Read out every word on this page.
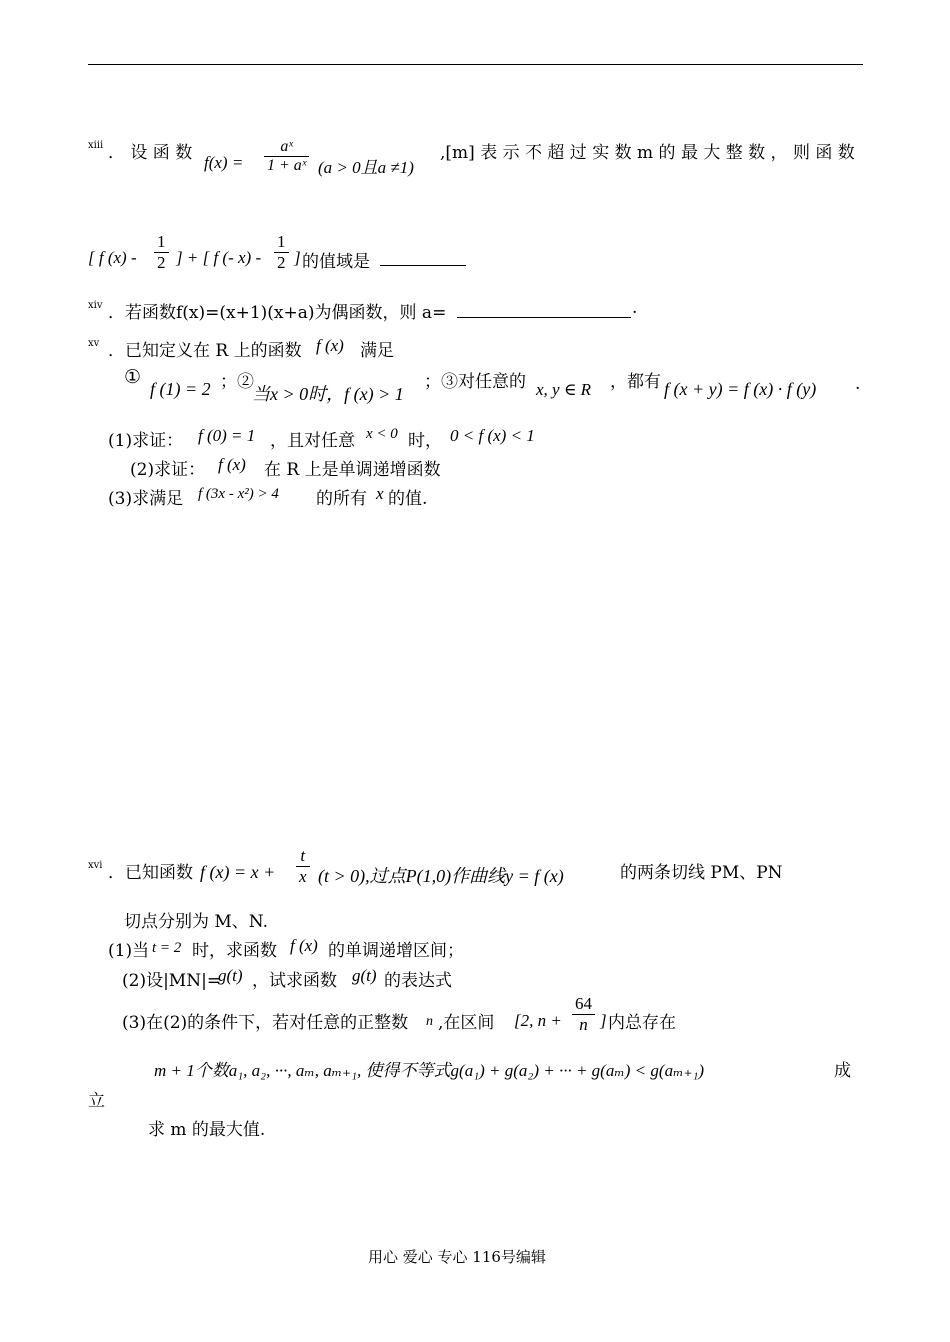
xiii ． 设 函 数 $f(x) = \frac{\text{aˣ}}{\text{1 + aˣ}} (a > 0$且a ≠1)
,[m] 表 示 不 超 过 实 数 m 的 最 大 整 数 ， 则 函 数
[ f $(x) - \frac{1}{2}$ ] + [ f (- $x) - \frac{1}{2}$ ] 的值域是
xiv ．若函数f(x)=(x+1)(x+a)为偶函数，则 a=	.
xv ．已知定义在 R 上的函数 f (x) 满足
①
f (1) = 2 ；②
当x > 0时，f (x) > 1
；③对任意的 x, y ∈ R ，都有 f (x + y) = f (x) · f (y) .
(1)求证： f (0) = 1 ，且对任意 x < 0 时， 0 < f (x) < 1
(2)求证： f (x) 在 R 上是单调递增函数
(3)求满足 f (3x - x²) > 4 的所有 x 的值.
xvi ．已知函数 f $(x) = x + \frac{t}{x} (t > 0)$,过点P(1,0)作曲线y = f (x)	的两条切线 PM、PN
切点分别为 M、N.
(1)当 t = 2 时，求函数 f (x) 的单调递增区间；
(2)设|MN|=
g(t) ，试求函数 g(t) 的表达式
(3)在(2)的条件下，若对任意的正整数 n ,在区间 [2, $n + \frac{64}{n}$ ] 内总存在
m + 1个数a₁, a₂, ···, aₘ, aₘ₊₁, 使得不等式g(a₁) + g(a₂) + ··· + g(aₘ) < g(aₘ₊₁)	成
立
求 m 的最大值.
用心 爱心 专心 116号编辑
